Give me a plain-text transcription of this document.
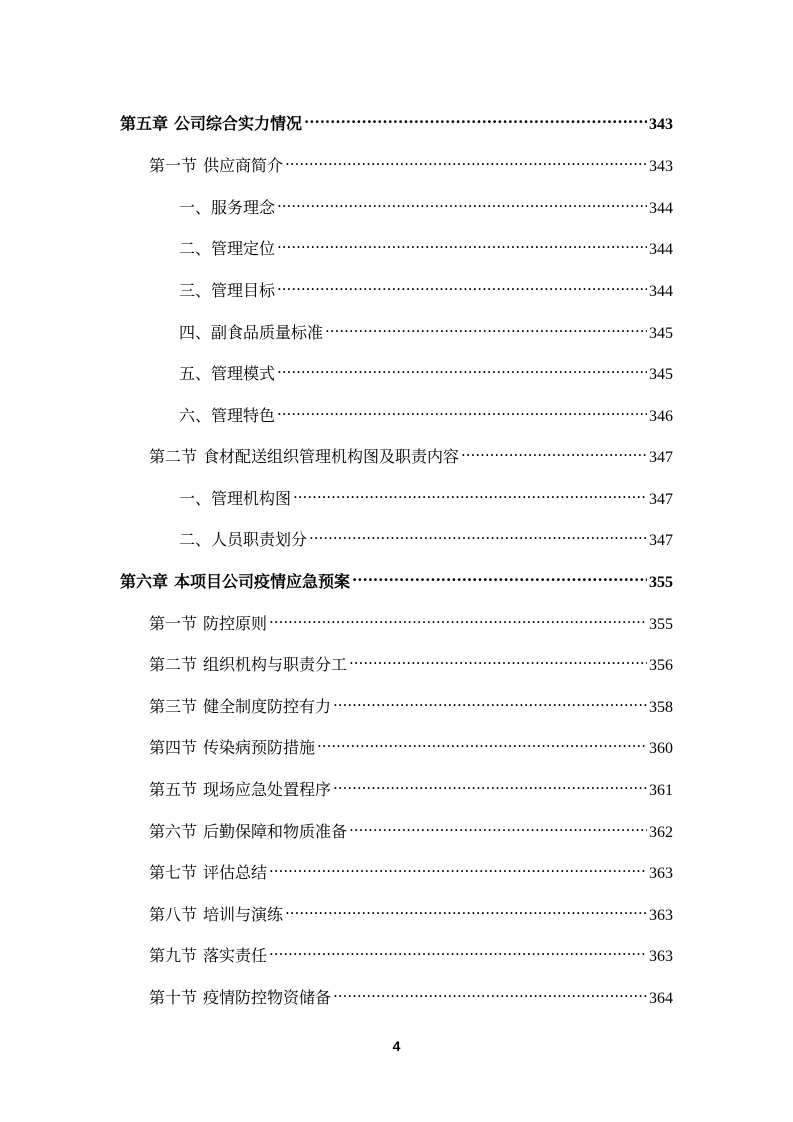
第五章 公司综合实力情况 .....	343
第一节 供应商简介 .....	343
一、服务理念 .....	344
二、管理定位 .....	344
三、管理目标 .....	344
四、副食品质量标准 .....	345
五、管理模式 .....	345
六、管理特色 .....	346
第二节 食材配送组织管理机构图及职责内容 .....	347
一、管理机构图 .....	347
二、人员职责划分 .....	347
第六章 本项目公司疫情应急预案 .....	355
第一节 防控原则 .....	355
第二节 组织机构与职责分工 .....	356
第三节 健全制度防控有力 .....	358
第四节 传染病预防措施 .....	360
第五节 现场应急处置程序 .....	361
第六节 后勤保障和物质准备 .....	362
第七节 评估总结 .....	363
第八节 培训与演练 .....	363
第九节 落实责任 .....	363
第十节 疫情防控物资储备 .....	364
4
